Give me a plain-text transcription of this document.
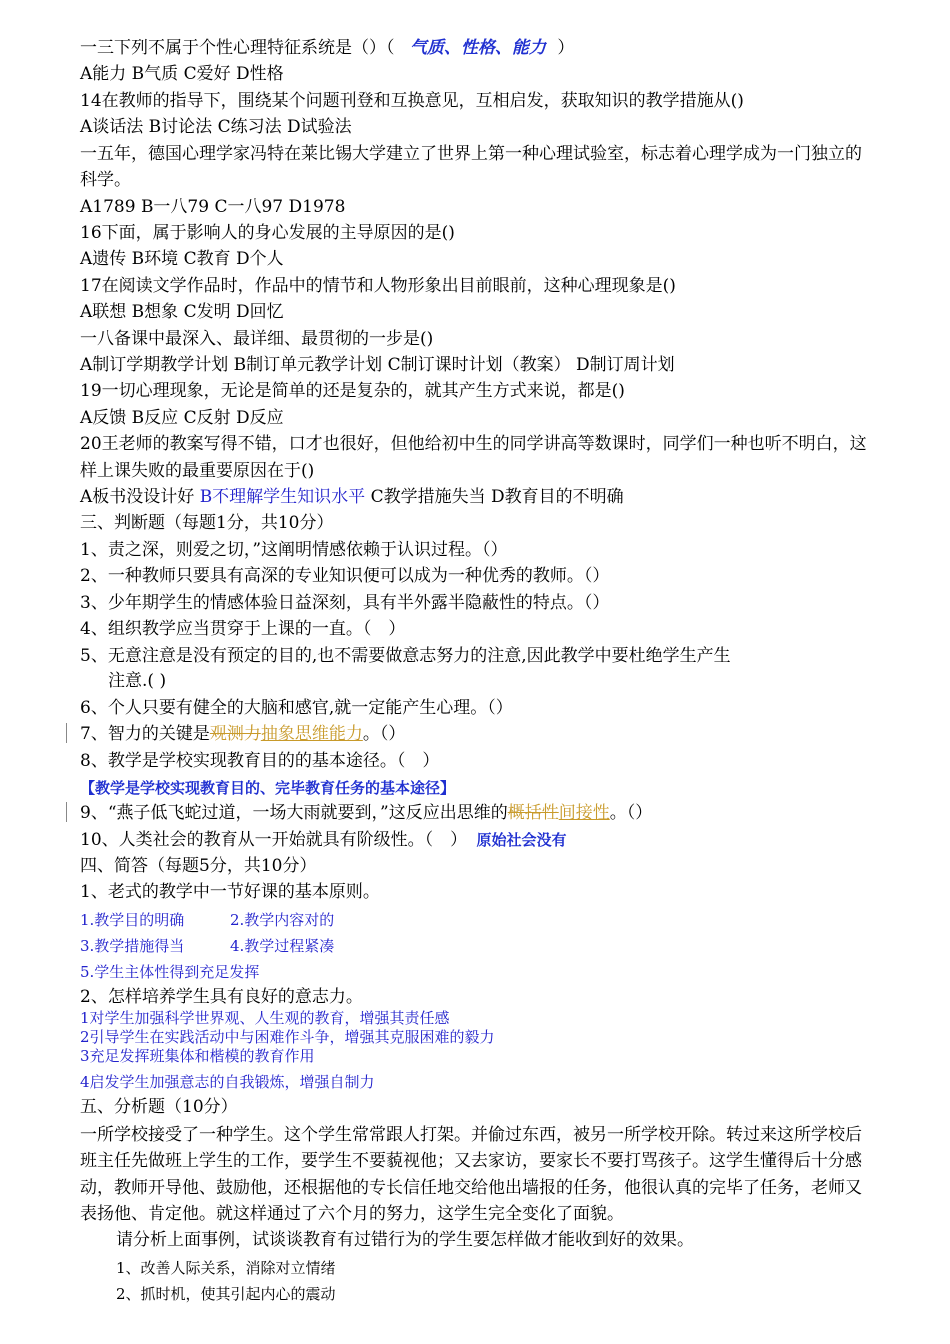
一三下列不属于个性心理特征系统是（）（ 气质、性格、能力 ）
A能力 B气质 C爱好 D性格
14在教师的指导下，围绕某个问题刊登和互换意见，互相启发，获取知识的教学措施从()
A谈话法 B讨论法 C练习法 D试验法
一五年，德国心理学家冯特在莱比锡大学建立了世界上第一种心理试验室，标志着心理学成为一门独立的
科学。
A1789 B一八79 C一八97 D1978
16下面，属于影响人的身心发展的主导原因的是()
A遗传 B环境 C教育 D个人
17在阅读文学作品时，作品中的情节和人物形象出目前眼前，这种心理现象是()
A联想 B想象 C发明 D回忆
一八备课中最深入、最详细、最贯彻的一步是()
A制订学期教学计划 B制订单元教学计划 C制订课时计划（教案） D制订周计划
19一切心理现象，无论是简单的还是复杂的，就其产生方式来说，都是()
A反馈 B反应 C反射 D反应
20王老师的教案写得不错，口才也很好，但他给初中生的同学讲高等数课时，同学们一种也听不明白，这
样上课失败的最重要原因在于()
A板书没设计好 B不理解学生知识水平 C教学措施失当 D教育目的不明确
三、判断题（每题1分，共10分）
1、责之深，则爱之切，”这阐明情感依赖于认识过程。（）
2、一种教师只要具有高深的专业知识便可以成为一种优秀的教师。（）
3、少年期学生的情感体验日益深刻，具有半外露半隐蔽性的特点。（）
4、组织教学应当贯穿于上课的一直。（　）
5、无意注意是没有预定的目的,也不需要做意志努力的注意,因此教学中要杜绝学生产生
注意.( )
6、个人只要有健全的大脑和感官,就一定能产生心理。（）
7、智力的关键是观测力抽象思维能力。（）
8、教学是学校实现教育目的的基本途径。（　）
【教学是学校实现教育目的、完毕教育任务的基本途径】
9、“燕子低飞蛇过道，一场大雨就要到，”这反应出思维的概括性间接性。（）
10、人类社会的教育从一开始就具有阶级性。（　） 原始社会没有
四、简答（每题5分，共10分）
1、老式的教学中一节好课的基本原则。
1.教学目的明确	2.教学内容对的
3.教学措施得当	4.教学过程紧凑
5.学生主体性得到充足发挥
2、怎样培养学生具有良好的意志力。
1对学生加强科学世界观、人生观的教育，增强其责任感
2引导学生在实践活动中与困难作斗争，增强其克服困难的毅力
3充足发挥班集体和楷模的教育作用
4启发学生加强意志的自我锻炼，增强自制力
五、分析题（10分）
一所学校接受了一种学生。这个学生常常跟人打架。并偷过东西，被另一所学校开除。转过来这所学校后
班主任先做班上学生的工作，要学生不要藐视他；又去家访，要家长不要打骂孩子。这学生懂得后十分感
动，教师开导他、鼓励他，还根据他的专长信任地交给他出墙报的任务，他很认真的完毕了任务，老师又
表扬他、肯定他。就这样通过了六个月的努力，这学生完全变化了面貌。
请分析上面事例，试谈谈教育有过错行为的学生要怎样做才能收到好的效果。
1、改善人际关系，消除对立情绪
2、抓时机，使其引起内心的震动
